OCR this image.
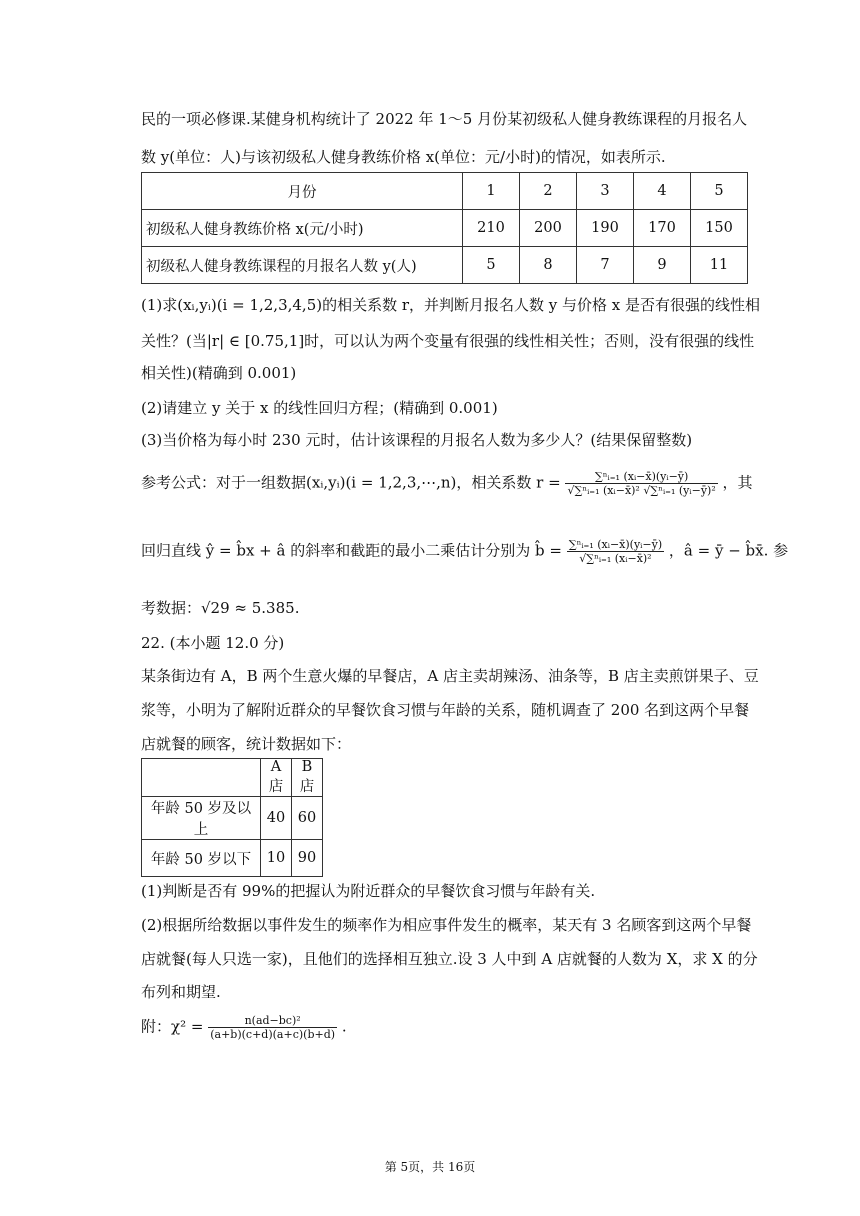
民的一项必修课.某健身机构统计了 2022 年 1～5 月份某初级私人健身教练课程的月报名人
数 y(单位：人)与该初级私人健身教练价格 x(单位：元/小时)的情况，如表所示.
月份	1	2	3	4	5
初级私人健身教练价格 x(元/小时)	210	200	190	170	150
初级私人健身教练课程的月报名人数 y(人)	5	8	7	9	11
(1)求(xᵢ,yᵢ)(i = 1,2,3,4,5)的相关系数 r，并判断月报名人数 y 与价格 x 是否有很强的线性相
关性？(当|r| ∈ [0.75,1]时，可以认为两个变量有很强的线性相关性；否则，没有很强的线性
相关性)(精确到 0.001)
(2)请建立 y 关于 x 的线性回归方程；(精确到 0.001)
(3)当价格为每小时 230 元时，估计该课程的月报名人数为多少人？(结果保留整数)
参考公式：对于一组数据(xᵢ,yᵢ)(i = 1,2,3,⋯,n)，相关系数 $r = \frac{\text{∑ⁿᵢ₌₁ (xᵢ−x̄)(yᵢ−ȳ)}}{\text{√∑ⁿᵢ₌₁ (xᵢ−x̄)² √∑ⁿᵢ₌₁ (yᵢ−ȳ)²}}$ ，其
回归直线 ŷ = b̂x + â 的斜率和截距的最小二乘估计分别为 b̂ = $\frac{\text{∑ⁿᵢ₌₁ (xᵢ−x̄)(yᵢ−ȳ)}}{\text{√∑ⁿᵢ₌₁ (xᵢ−x̄)²}}$ ，â = ȳ − b̂x̄. 参
考数据：√29 ≈ 5.385.
22. (本小题 12.0 分)
某条街边有 A，B 两个生意火爆的早餐店，A 店主卖胡辣汤、油条等，B 店主卖煎饼果子、豆
浆等，小明为了解附近群众的早餐饮食习惯与年龄的关系，随机调查了 200 名到这两个早餐
店就餐的顾客，统计数据如下：
	A 店	B 店
年龄 50 岁及以上	40	60
年龄 50 岁以下	10	90
(1)判断是否有 99%的把握认为附近群众的早餐饮食习惯与年龄有关.
(2)根据所给数据以事件发生的频率作为相应事件发生的概率，某天有 3 名顾客到这两个早餐
店就餐(每人只选一家)，且他们的选择相互独立.设 3 人中到 A 店就餐的人数为 X，求 X 的分
布列和期望.
附：$\chi^2 = \frac{\text{n(ad−bc)²}}{(a+b)(c+d)(a+c)(b+d)}$ .
第 5页，共 16页
